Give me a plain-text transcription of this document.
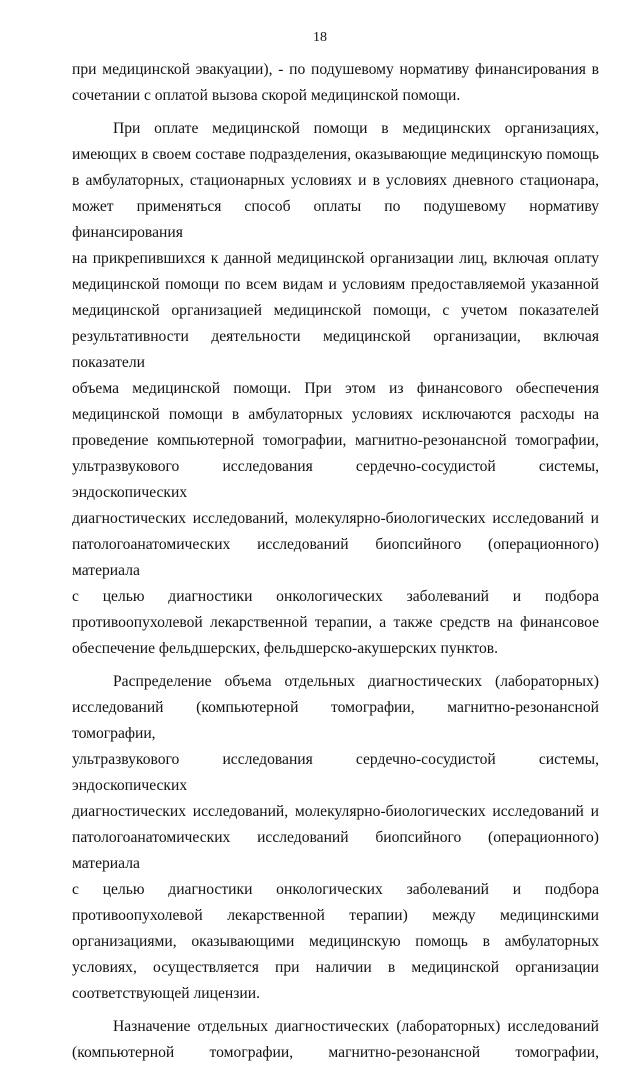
18
при медицинской эвакуации), - по подушевому нормативу финансирования в
сочетании с оплатой вызова скорой медицинской помощи.
При оплате медицинской помощи в медицинских организациях,
имеющих в своем составе подразделения, оказывающие медицинскую помощь
в амбулаторных, стационарных условиях и в условиях дневного стационара,
может применяться способ оплаты по подушевому нормативу финансирования
на прикрепившихся к данной медицинской организации лиц, включая оплату
медицинской помощи по всем видам и условиям предоставляемой указанной
медицинской организацией медицинской помощи, с учетом показателей
результативности деятельности медицинской организации, включая показатели
объема медицинской помощи. При этом из финансового обеспечения
медицинской помощи в амбулаторных условиях исключаются расходы на
проведение компьютерной томографии, магнитно-резонансной томографии,
ультразвукового исследования сердечно-сосудистой системы, эндоскопических
диагностических исследований, молекулярно-биологических исследований и
патологоанатомических исследований биопсийного (операционного) материала
с целью диагностики онкологических заболеваний и подбора
противоопухолевой лекарственной терапии, а также средств на финансовое
обеспечение фельдшерских, фельдшерско-акушерских пунктов.
Распределение объема отдельных диагностических (лабораторных)
исследований (компьютерной томографии, магнитно-резонансной томографии,
ультразвукового исследования сердечно-сосудистой системы, эндоскопических
диагностических исследований, молекулярно-биологических исследований и
патологоанатомических исследований биопсийного (операционного) материала
с целью диагностики онкологических заболеваний и подбора
противоопухолевой лекарственной терапии) между медицинскими
организациями, оказывающими медицинскую помощь в амбулаторных
условиях, осуществляется при наличии в медицинской организации
соответствующей лицензии.
Назначение отдельных диагностических (лабораторных) исследований
(компьютерной томографии, магнитно-резонансной томографии,
